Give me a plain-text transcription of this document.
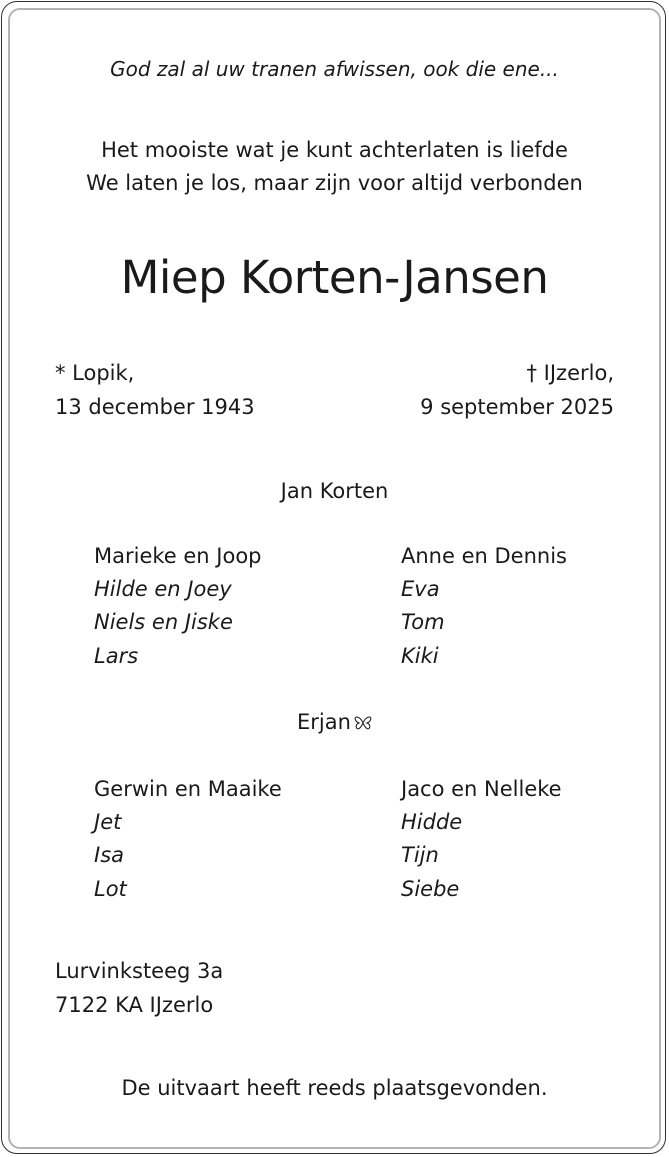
God zal al uw tranen afwissen, ook die ene...
Het mooiste wat je kunt achterlaten is liefde
We laten je los, maar zijn voor altijd verbonden
Miep Korten-Jansen
* Lopik,
13 december 1943
† IJzerlo,
9 september 2025
Jan Korten
Marieke en Joop
Hilde en Joey
Niels en Jiske
Lars
Anne en Dennis
Eva
Tom
Kiki
Erjan
Gerwin en Maaike
Jet
Isa
Lot
Jaco en Nelleke
Hidde
Tijn
Siebe
Lurvinksteeg 3a
7122 KA IJzerlo
De uitvaart heeft reeds plaatsgevonden.
